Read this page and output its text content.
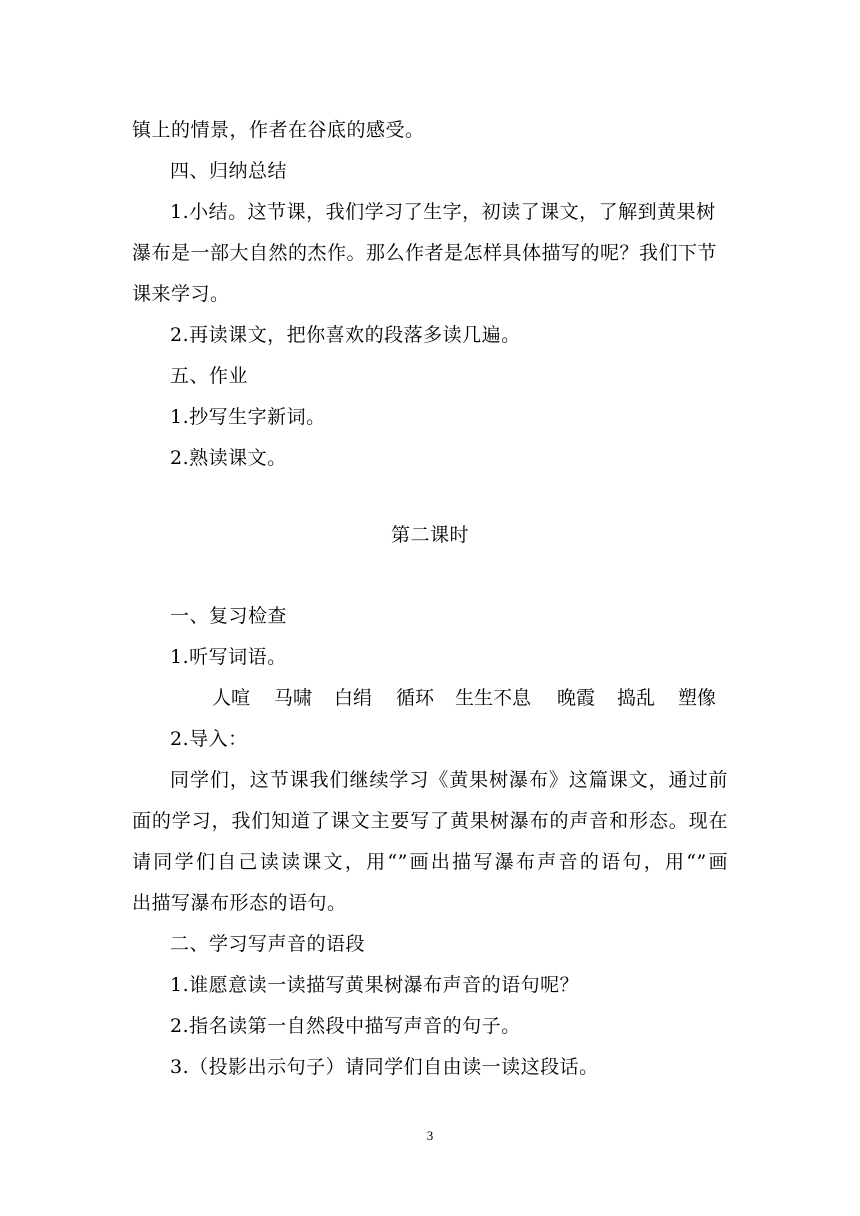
镇上的情景，作者在谷底的感受。
四、归纳总结
1.小结。这节课，我们学习了生字，初读了课文，了解到黄果树
瀑布是一部大自然的杰作。那么作者是怎样具体描写的呢？我们下节
课来学习。
2.再读课文，把你喜欢的段落多读几遍。
五、作业
1.抄写生字新词。
2.熟读课文。
第二课时
一、复习检查
1.听写词语。
人喧 马啸 白绢 循环 生生不息 晚霞 捣乱 塑像
2.导入：
同学们，这节课我们继续学习《黄果树瀑布》这篇课文，通过前
面的学习，我们知道了课文主要写了黄果树瀑布的声音和形态。现在
请同学们自己读读课文，用“”画出描写瀑布声音的语句，用“”画
出描写瀑布形态的语句。
二、学习写声音的语段
1.谁愿意读一读描写黄果树瀑布声音的语句呢？
2.指名读第一自然段中描写声音的句子。
3.（投影出示句子）请同学们自由读一读这段话。
3
